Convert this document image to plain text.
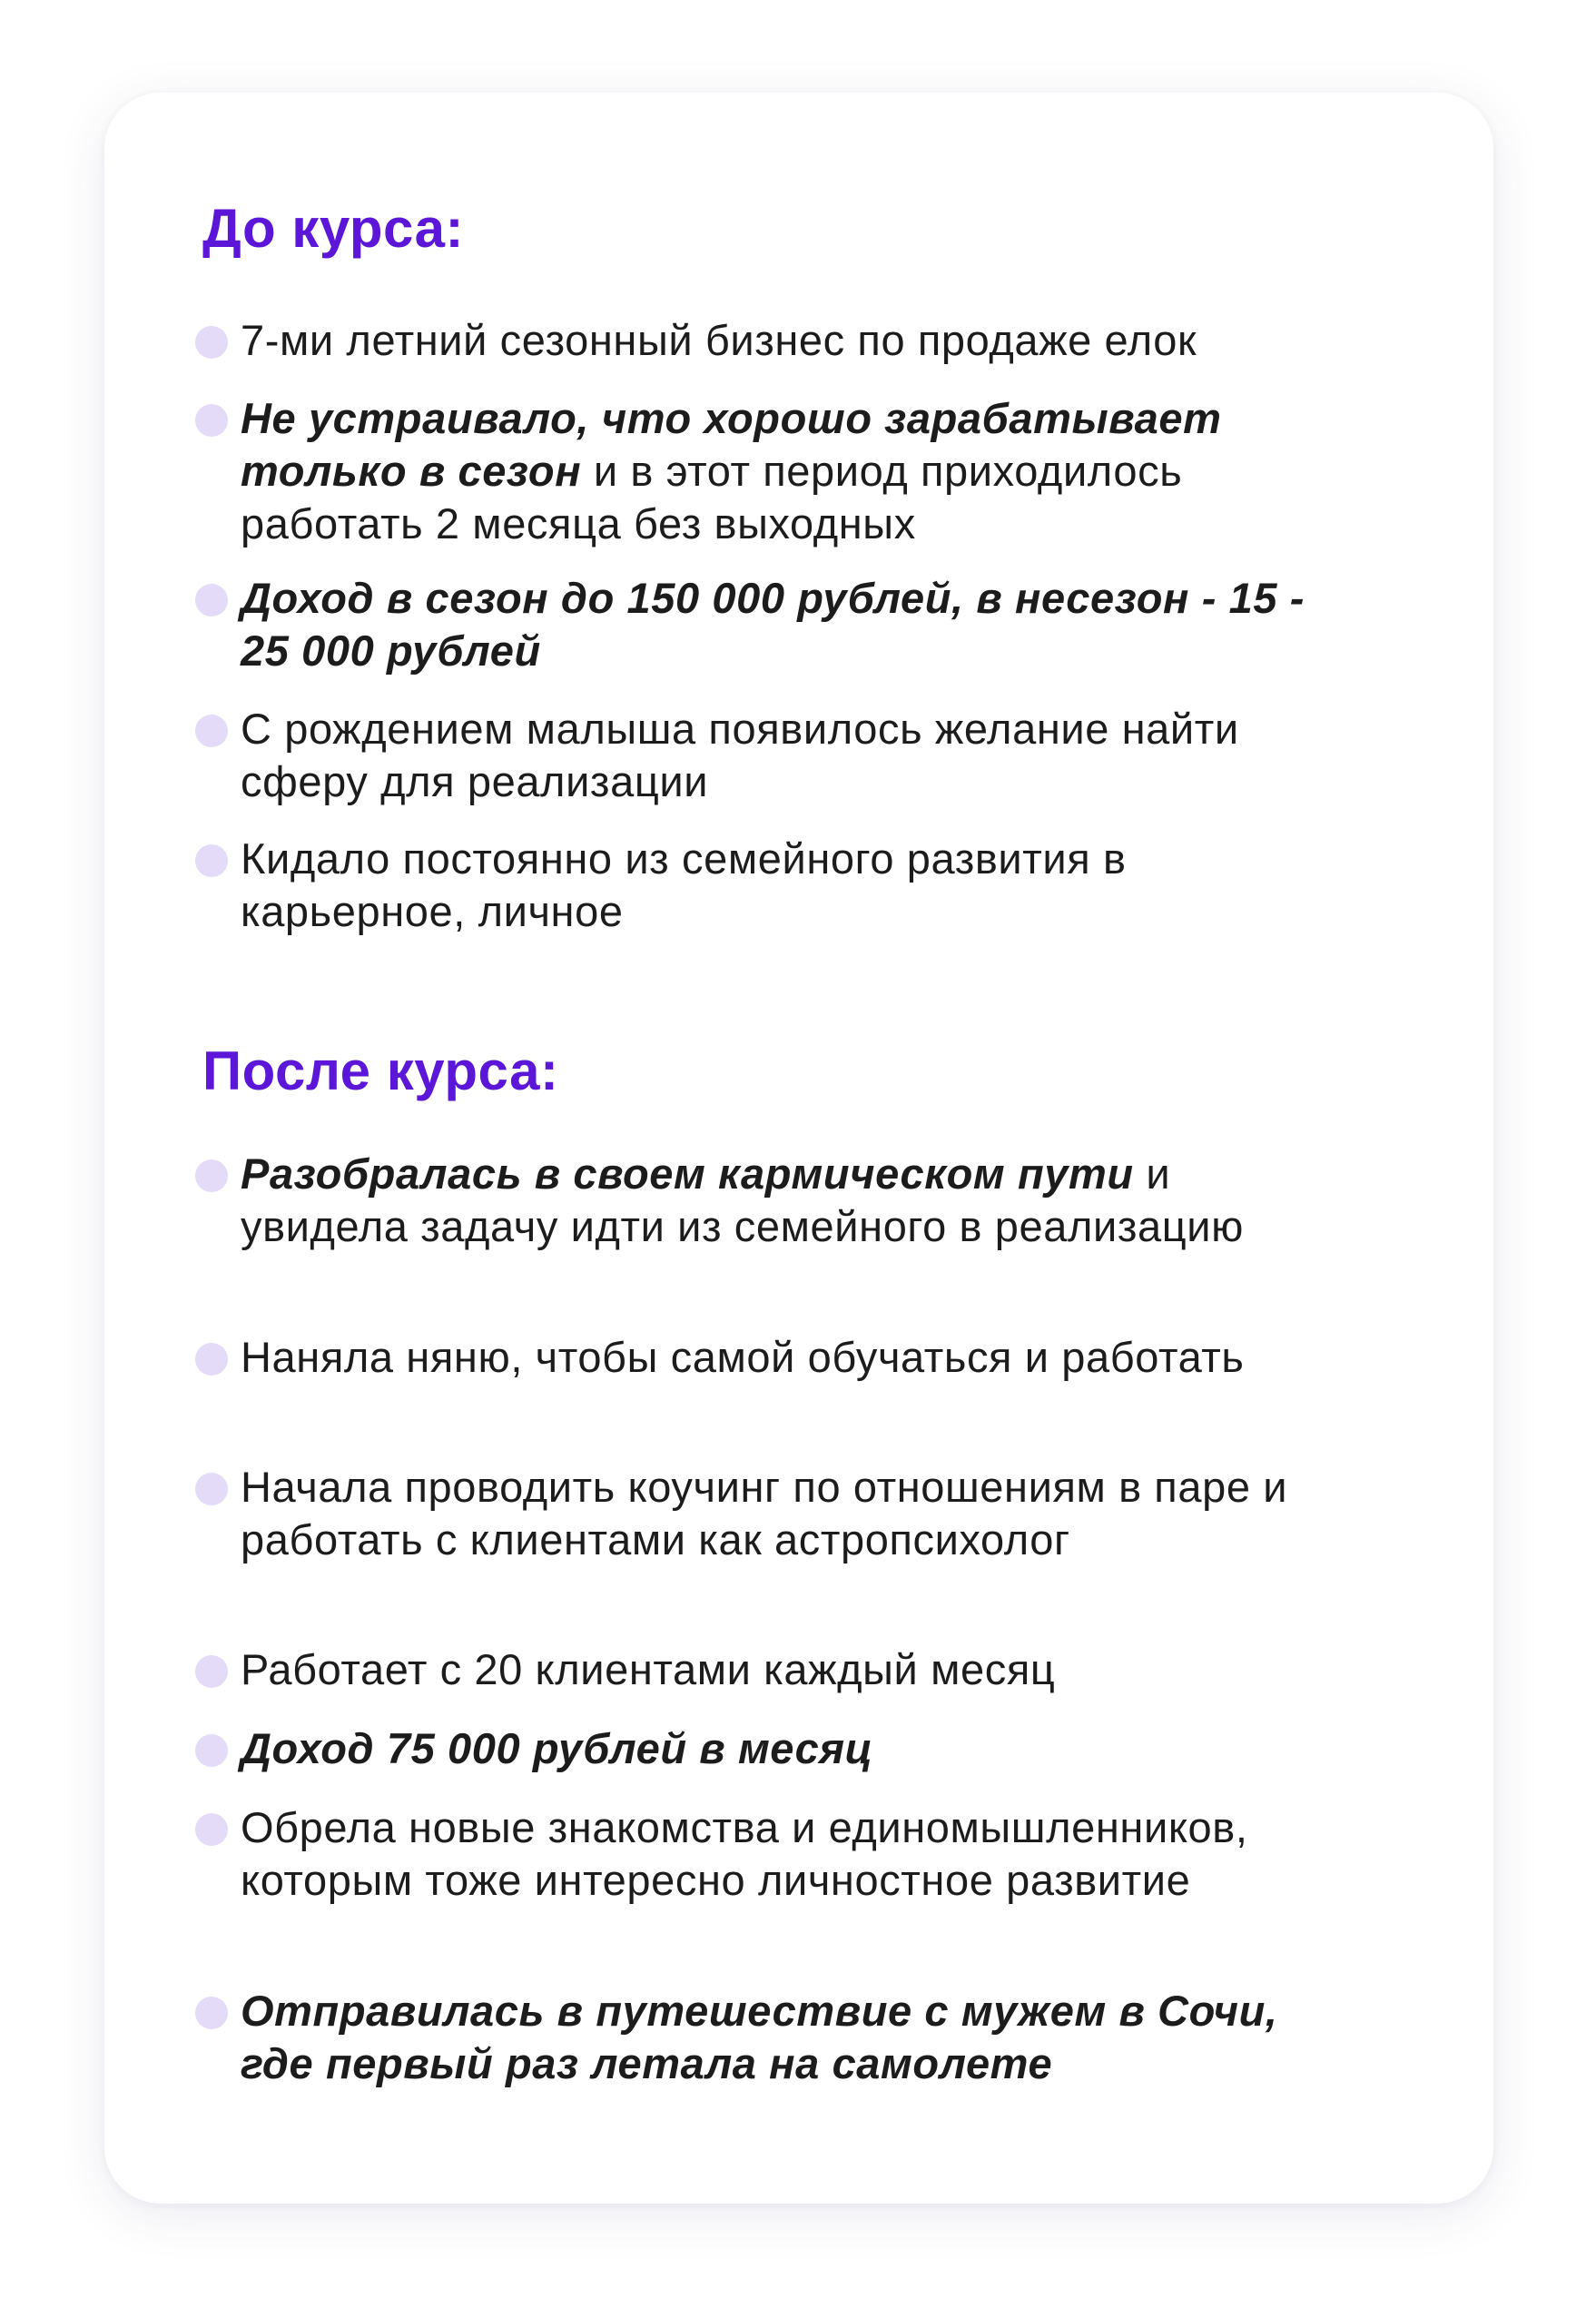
До курса:

7-ми летний сезонный бизнес по продаже елок

Не устраивало, что хорошо зарабатывает только в сезон и в этот период приходилось работать 2 месяца без выходных

Доход в сезон до 150 000 рублей, в несезон - 15 - 25 000 рублей

С рождением малыша появилось желание найти сферу для реализации

Кидало постоянно из семейного развития в карьерное, личное

После курса:

Разобралась в своем кармическом пути и увидела задачу идти из семейного в реализацию

Наняла няню, чтобы самой обучаться и работать

Начала проводить коучинг по отношениям в паре и работать с клиентами как астропсихолог

Работает с 20 клиентами каждый месяц

Доход 75 000 рублей в месяц

Обрела новые знакомства и единомышленников, которым тоже интересно личностное развитие

Отправилась в путешествие с мужем в Сочи, где первый раз летала на самолете
